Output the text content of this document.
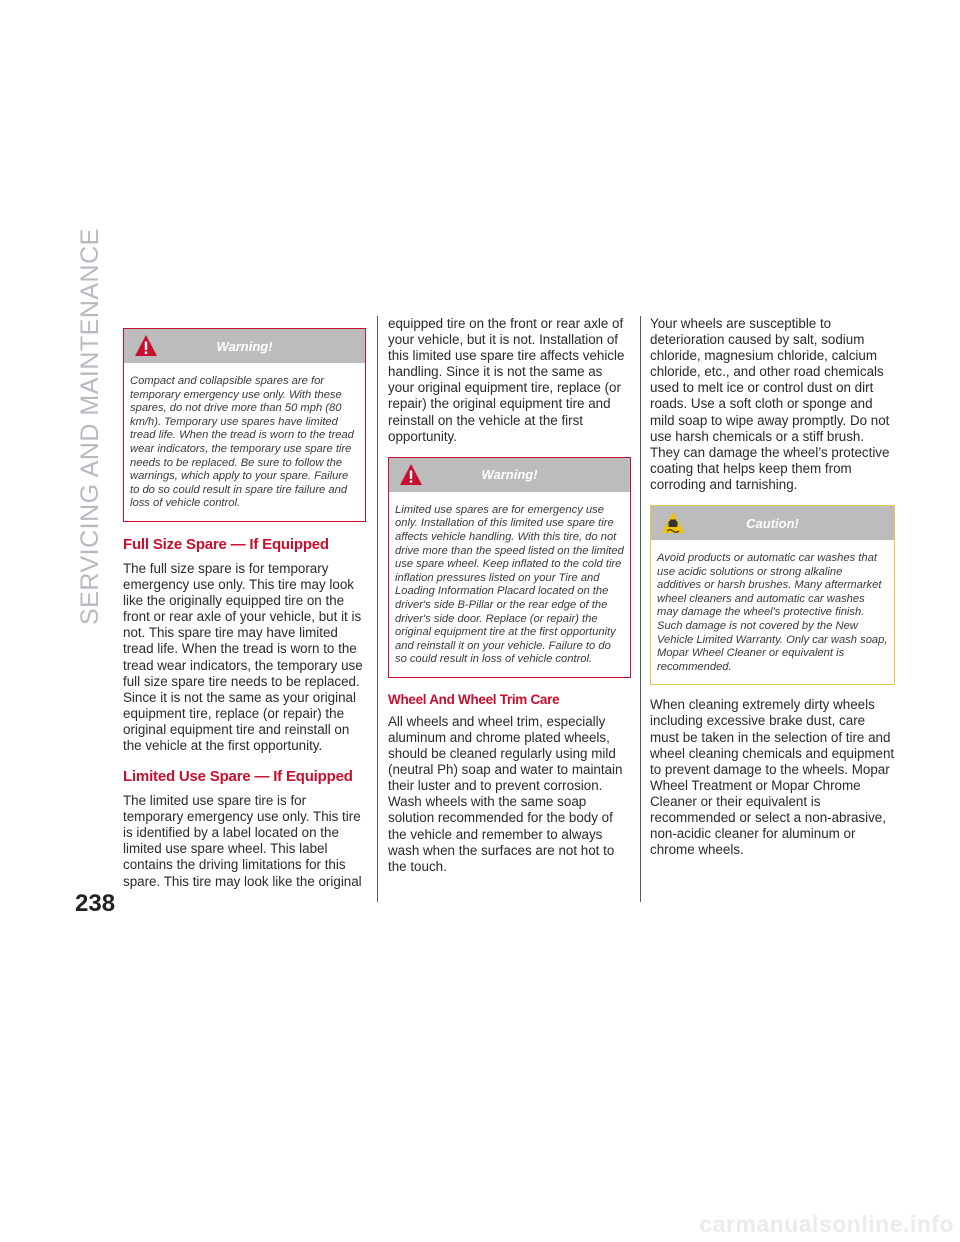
SERVICING AND MAINTENANCE
238
Warning!
Compact and collapsible spares are for temporary emergency use only. With these spares, do not drive more than 50 mph (80 km/h). Temporary use spares have limited tread life. When the tread is worn to the tread wear indicators, the temporary use spare tire needs to be replaced. Be sure to follow the warnings, which apply to your spare. Failure to do so could result in spare tire failure and loss of vehicle control.
Full Size Spare — If Equipped

The full size spare is for temporary emergency use only. This tire may look like the originally equipped tire on the front or rear axle of your vehicle, but it is not. This spare tire may have limited tread life. When the tread is worn to the tread wear indicators, the temporary use full size spare tire needs to be replaced. Since it is not the same as your original equipment tire, replace (or repair) the original equipment tire and reinstall on the vehicle at the first opportunity.

Limited Use Spare — If Equipped

The limited use spare tire is for temporary emergency use only. This tire is identified by a label located on the limited use spare wheel. This label contains the driving limitations for this spare. This tire may look like the original

equipped tire on the front or rear axle of your vehicle, but it is not. Installation of this limited use spare tire affects vehicle handling. Since it is not the same as your original equipment tire, replace (or repair) the original equipment tire and reinstall on the vehicle at the first opportunity.

Warning!
Limited use spares are for emergency use only. Installation of this limited use spare tire affects vehicle handling. With this tire, do not drive more than the speed listed on the limited use spare wheel. Keep inflated to the cold tire inflation pressures listed on your Tire and Loading Information Placard located on the driver's side B-Pillar or the rear edge of the driver's side door. Replace (or repair) the original equipment tire at the first opportunity and reinstall it on your vehicle. Failure to do so could result in loss of vehicle control.
Wheel And Wheel Trim Care

All wheels and wheel trim, especially aluminum and chrome plated wheels, should be cleaned regularly using mild (neutral Ph) soap and water to maintain their luster and to prevent corrosion. Wash wheels with the same soap solution recommended for the body of the vehicle and remember to always wash when the surfaces are not hot to the touch.

Your wheels are susceptible to deterioration caused by salt, sodium chloride, magnesium chloride, calcium chloride, etc., and other road chemicals used to melt ice or control dust on dirt roads. Use a soft cloth or sponge and mild soap to wipe away promptly. Do not use harsh chemicals or a stiff brush. They can damage the wheel’s protective coating that helps keep them from corroding and tarnishing.

Caution!
Avoid products or automatic car washes that use acidic solutions or strong alkaline additives or harsh brushes. Many aftermarket wheel cleaners and automatic car washes may damage the wheel's protective finish. Such damage is not covered by the New Vehicle Limited Warranty. Only car wash soap, Mopar Wheel Cleaner or equivalent is recommended.

When cleaning extremely dirty wheels including excessive brake dust, care must be taken in the selection of tire and wheel cleaning chemicals and equipment to prevent damage to the wheels. Mopar Wheel Treatment or Mopar Chrome Cleaner or their equivalent is recommended or select a non-abrasive, non-acidic cleaner for aluminum or chrome wheels.

carmanualsonline.info
